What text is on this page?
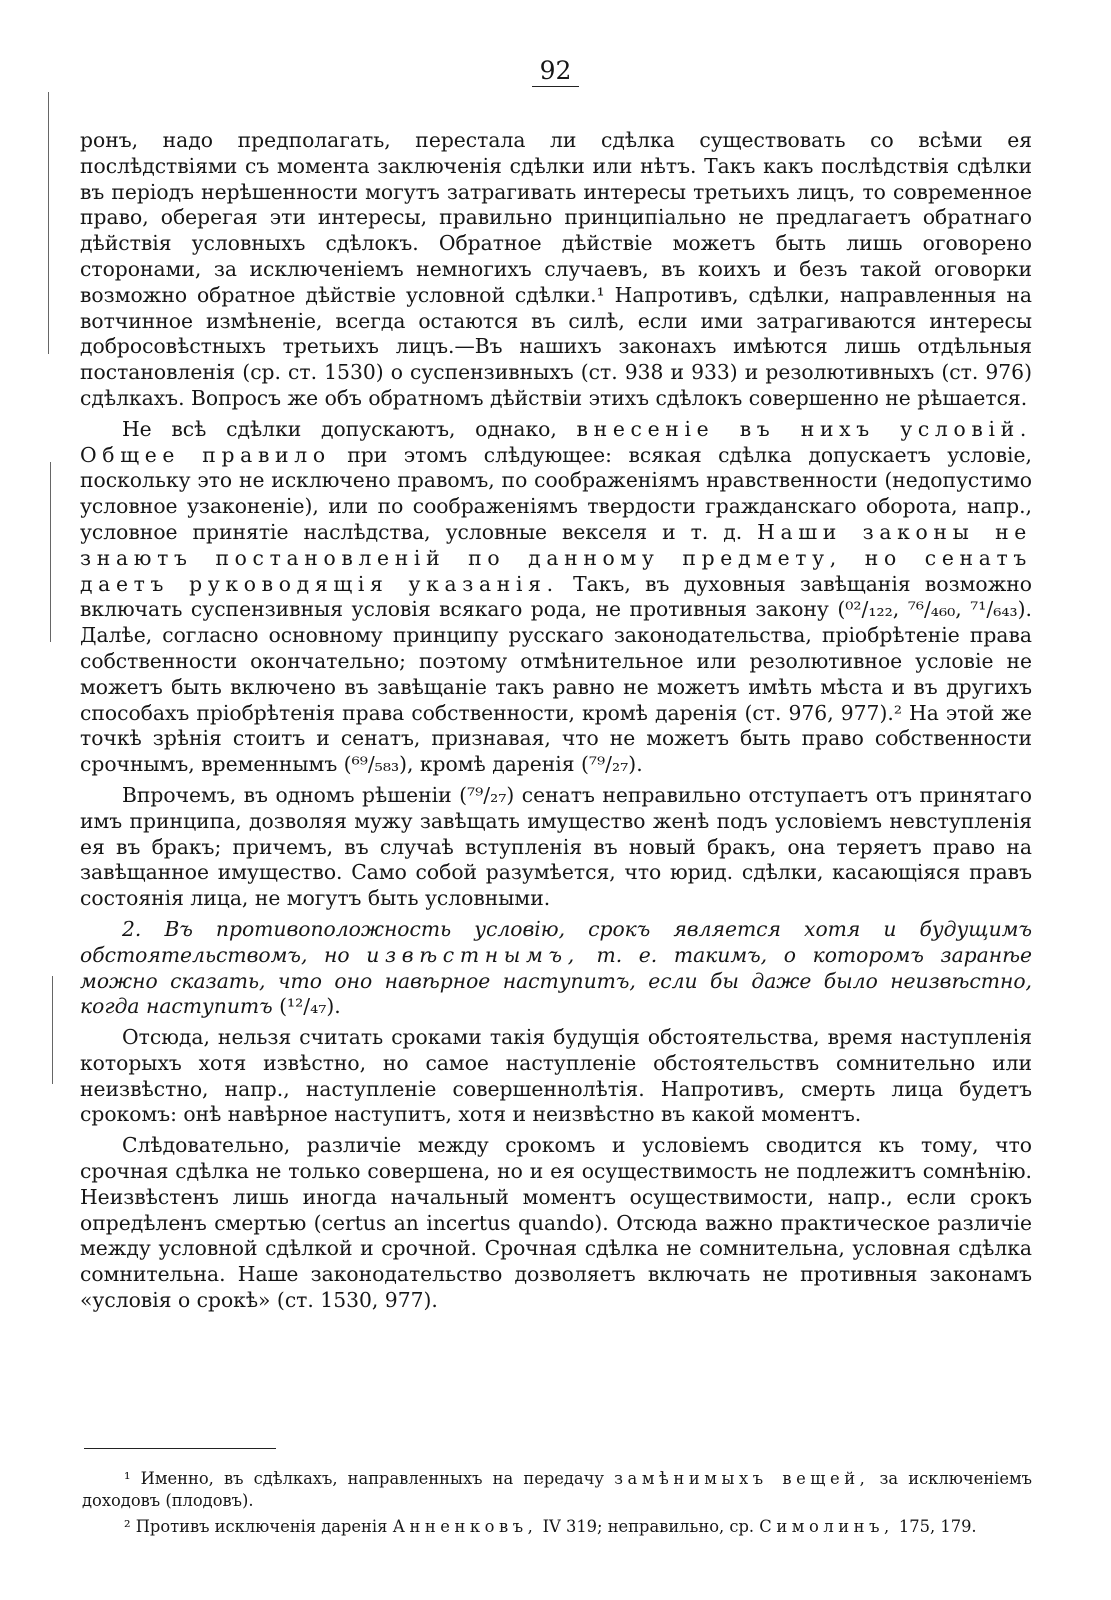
92

ронъ, надо предполагать, перестала ли сдѣлка существовать со всѣми ея послѣдствіями съ момента заключенія сдѣлки или нѣтъ. Такъ какъ послѣдствія сдѣлки въ періодъ нерѣшенности могутъ затрагивать интересы третьихъ лицъ, то современное право, оберегая эти интересы, правильно принципіально не предлагаетъ обратнаго дѣйствія условныхъ сдѣлокъ. Обратное дѣйствіе можетъ быть лишь оговорено сторонами, за исключеніемъ немногихъ случаевъ, въ коихъ и безъ такой оговорки возможно обратное дѣйствіе условной сдѣлки.¹ Напротивъ, сдѣлки, направленныя на вотчинное измѣненіе, всегда остаются въ силѣ, если ими затрагиваются интересы добросовѣстныхъ третьихъ лицъ.—Въ нашихъ законахъ имѣются лишь отдѣльныя постановленія (ср. ст. 1530) о суспензивныхъ (ст. 938 и 933) и резолютивныхъ (ст. 976) сдѣлкахъ. Вопросъ же объ обратномъ дѣйствіи этихъ сдѣлокъ совершенно не рѣшается.

Не всѣ сдѣлки допускаютъ, однако, внесеніе въ нихъ условій. Общее правило при этомъ слѣдующее: всякая сдѣлка допускаетъ условіе, поскольку это не исключено правомъ, по соображеніямъ нравственности (недопустимо условное узаконеніе), или по соображеніямъ твердости гражданскаго оборота, напр., условное принятіе наслѣдства, условные векселя и т. д. Наши законы не знаютъ постановленій по данному предмету, но сенатъ даетъ руководящія указанія. Такъ, въ духовныя завѣщанія возможно включать суспензивныя условія всякаго рода, не противныя закону (⁰²/₁₂₂, ⁷⁶/₄₆₀, ⁷¹/₆₄₃). Далѣе, согласно основному принципу русскаго законодательства, пріобрѣтеніе права собственности окончательно; поэтому отмѣнительное или резолютивное условіе не можетъ быть включено въ завѣщаніе такъ равно не можетъ имѣть мѣста и въ другихъ способахъ пріобрѣтенія права собственности, кромѣ даренія (ст. 976, 977).² На этой же точкѣ зрѣнія стоитъ и сенатъ, признавая, что не можетъ быть право собственности срочнымъ, временнымъ (⁶⁹/₅₈₃), кромѣ даренія (⁷⁹/₂₇).

Впрочемъ, въ одномъ рѣшеніи (⁷⁹/₂₇) сенатъ неправильно отступаетъ отъ принятаго имъ принципа, дозволяя мужу завѣщать имущество женѣ подъ условіемъ невступленія ея въ бракъ; причемъ, въ случаѣ вступленія въ новый бракъ, она теряетъ право на завѣщанное имущество. Само собой разумѣется, что юрид. сдѣлки, касающіяся правъ состоянія лица, не могутъ быть условными.

2. Въ противоположность условію, срокъ является хотя и будущимъ обстоятельствомъ, но извѣстнымъ, т. е. такимъ, о которомъ заранѣе можно сказать, что оно навѣрное наступитъ, если бы даже было неизвѣстно, когда наступитъ (¹²/₄₇).

Отсюда, нельзя считать сроками такія будущія обстоятельства, время наступленія которыхъ хотя извѣстно, но самое наступленіе обстоятельствъ сомнительно или неизвѣстно, напр., наступленіе совершеннолѣтія. Напротивъ, смерть лица будетъ срокомъ: онѣ навѣрное наступитъ, хотя и неизвѣстно въ какой моментъ.

Слѣдовательно, различіе между срокомъ и условіемъ сводится къ тому, что срочная сдѣлка не только совершена, но и ея осуществимость не подлежитъ сомнѣнію. Неизвѣстенъ лишь иногда начальный моментъ осуществимости, напр., если срокъ опредѣленъ смертью (certus an incertus quando). Отсюда важно практическое различіе между условной сдѣлкой и срочной. Срочная сдѣлка не сомнительна, условная сдѣлка сомнительна. Наше законодательство дозволяетъ включать не противныя законамъ «условія о срокѣ» (ст. 1530, 977).

¹ Именно, въ сдѣлкахъ, направленныхъ на передачу замѣнимыхъ вещей, за исключеніемъ доходовъ (плодовъ).

² Противъ исключенія даренія Анненковъ, IV 319; неправильно, ср. Симолинъ, 175, 179.
